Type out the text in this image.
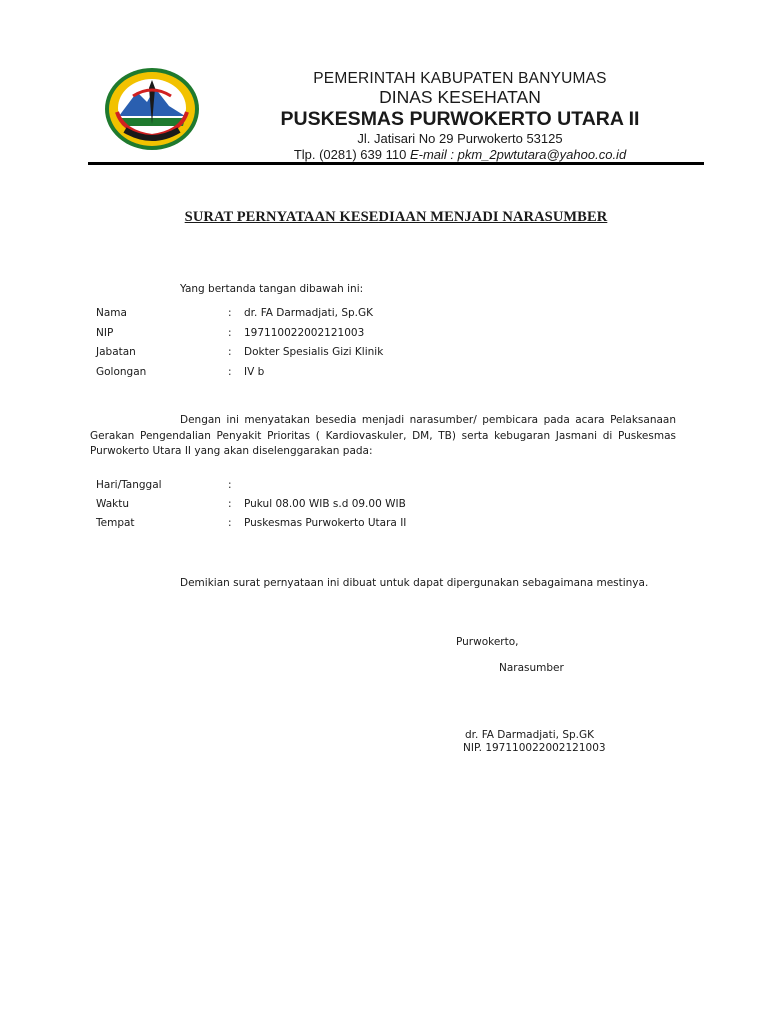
PEMERINTAH KABUPATEN BANYUMAS
DINAS KESEHATAN
PUSKESMAS PURWOKERTO UTARA II
Jl. Jatisari No 29 Purwokerto 53125
Tlp. (0281) 639 110 E-mail : pkm_2pwtutara@yahoo.co.id
SURAT PERNYATAAN KESEDIAAN MENJADI NARASUMBER
Yang bertanda tangan dibawah ini:
Nama	: dr. FA Darmadjati, Sp.GK
NIP	: 197110022002121003
Jabatan	: Dokter Spesialis Gizi Klinik
Golongan	: IV b
Dengan ini menyatakan besedia menjadi narasumber/ pembicara pada acara Pelaksanaan Gerakan Pengendalian Penyakit Prioritas ( Kardiovaskuler, DM, TB) serta kebugaran Jasmani di Puskesmas Purwokerto Utara II yang akan diselenggarakan pada:
Hari/Tanggal	:
Waktu	: Pukul 08.00 WIB s.d 09.00 WIB
Tempat	: Puskesmas Purwokerto Utara II
Demikian surat pernyataan ini dibuat untuk dapat dipergunakan sebagaimana mestinya.
Purwokerto,
Narasumber
dr. FA Darmadjati, Sp.GK
NIP. 197110022002121003
